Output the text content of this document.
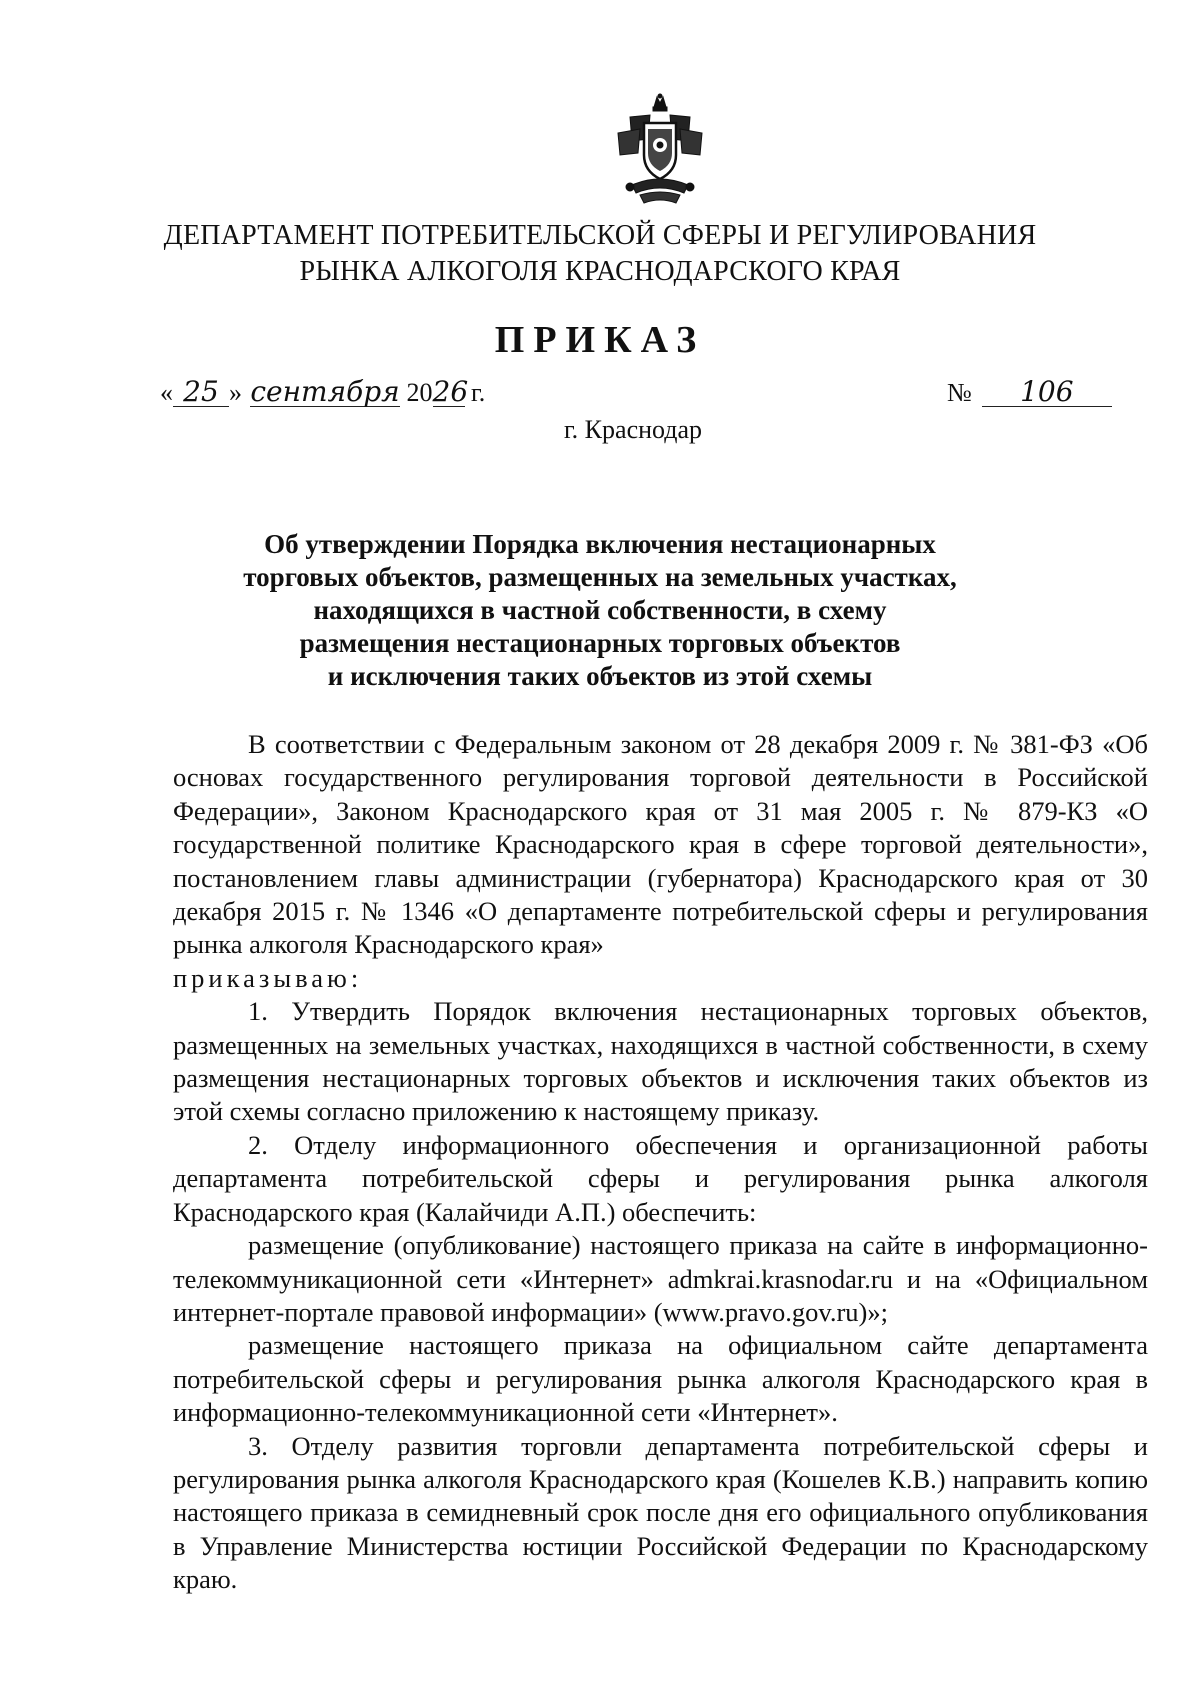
ДЕПАРТАМЕНТ ПОТРЕБИТЕЛЬСКОЙ СФЕРЫ И РЕГУЛИРОВАНИЯ
РЫНКА АЛКОГОЛЯ КРАСНОДАРСКОГО КРАЯ
ПРИКАЗ
« 25 » сентября 2026 г.	№ 106
г. Краснодар
Об утверждении Порядка включения нестационарных
торговых объектов, размещенных на земельных участках,
находящихся в частной собственности, в схему
размещения нестационарных торговых объектов
и исключения таких объектов из этой схемы

В соответствии с Федеральным законом от 28 декабря 2009 г. № 381-ФЗ «Об основах государственного регулирования торговой деятельности в Российской Федерации», Законом Краснодарского края от 31 мая 2005 г. № 879-КЗ «О государственной политике Краснодарского края в сфере торговой деятельности», постановлением главы администрации (губернатора) Краснодарского края от 30 декабря 2015 г. № 1346 «О департаменте потребительской сферы и регулирования рынка алкоголя Краснодарского края»

приказываю:

1. Утвердить Порядок включения нестационарных торговых объектов, размещенных на земельных участках, находящихся в частной собственности, в схему размещения нестационарных торговых объектов и исключения таких объектов из этой схемы согласно приложению к настоящему приказу.

2. Отделу информационного обеспечения и организационной работы департамента потребительской сферы и регулирования рынка алкоголя Краснодарского края (Калайчиди А.П.) обеспечить:

размещение (опубликование) настоящего приказа на сайте в информационно-телекоммуникационной сети «Интернет» admkrai.krasnodar.ru и на «Официальном интернет-портале правовой информации» (www.pravo.gov.ru)»;

размещение настоящего приказа на официальном сайте департамента потребительской сферы и регулирования рынка алкоголя Краснодарского края в информационно-телекоммуникационной сети «Интернет».

3. Отделу развития торговли департамента потребительской сферы и регулирования рынка алкоголя Краснодарского края (Кошелев К.В.) направить копию настоящего приказа в семидневный срок после дня его официального опубликования в Управление Министерства юстиции Российской Федерации по Краснодарскому краю.
